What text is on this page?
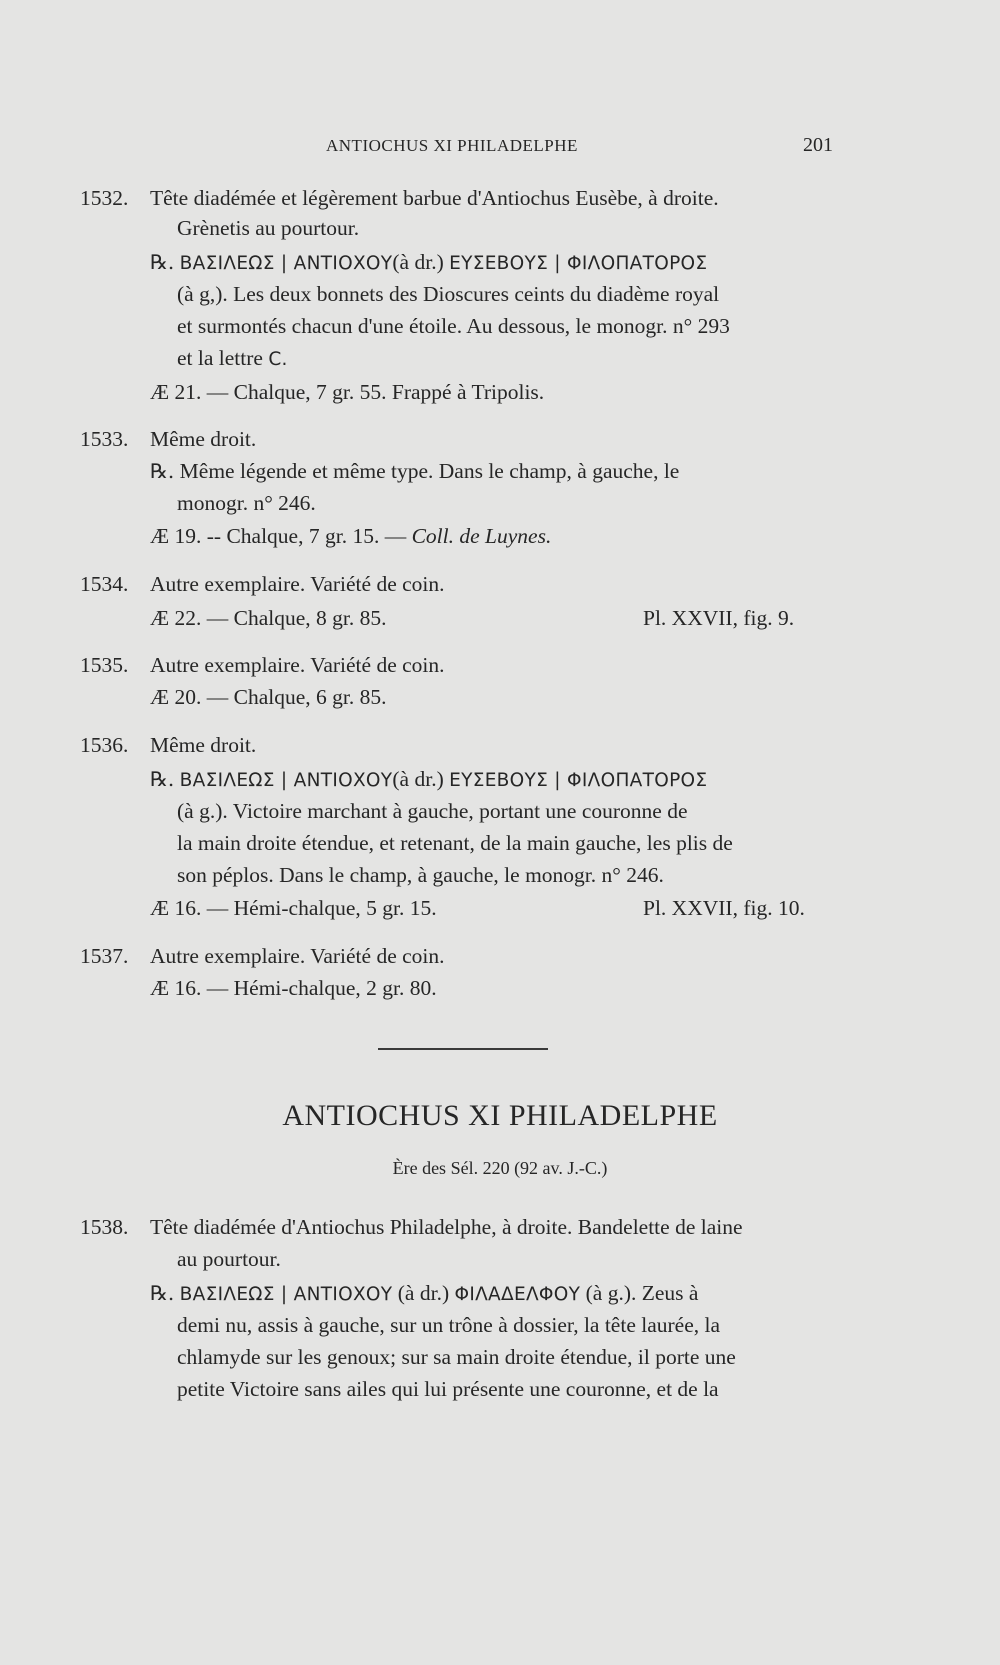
ANTIOCHUS XI PHILADELPHE	201
1532. Tête diadémée et légèrement barbue d'Antiochus Eusèbe, à droite.
Grènetis au pourtour.
℞. ΒΑΣΙΛΕΩΣ | ΑΝΤΙΟΧΟΥ(à dr.) ΕΥΣΕΒΟΥΣ | ΦΙΛΟΠΑΤΟΡΟΣ
(à g,). Les deux bonnets des Dioscures ceints du diadème royal
et surmontés chacun d'une étoile. Au dessous, le monogr. n° 293
et la lettre C.
Æ 21. — Chalque, 7 gr. 55. Frappé à Tripolis.
1533. Même droit.
℞. Même légende et même type. Dans le champ, à gauche, le
monogr. n° 246.
Æ 19. -- Chalque, 7 gr. 15. — Coll. de Luynes.
1534. Autre exemplaire. Variété de coin.
Æ 22. — Chalque, 8 gr. 85.	Pl. XXVII, fig. 9.
1535. Autre exemplaire. Variété de coin.
Æ 20. — Chalque, 6 gr. 85.
1536. Même droit.
℞. ΒΑΣΙΛΕΩΣ | ΑΝΤΙΟΧΟΥ(à dr.) ΕΥΣΕΒΟΥΣ | ΦΙΛΟΠΑΤΟΡΟΣ
(à g.). Victoire marchant à gauche, portant une couronne de
la main droite étendue, et retenant, de la main gauche, les plis de
son péplos. Dans le champ, à gauche, le monogr. n° 246.
Æ 16. — Hémi-chalque, 5 gr. 15.	Pl. XXVII, fig. 10.
1537. Autre exemplaire. Variété de coin.
Æ 16. — Hémi-chalque, 2 gr. 80.
ANTIOCHUS XI PHILADELPHE
Ère des Sél. 220 (92 av. J.-C.)
1538. Tête diadémée d'Antiochus Philadelphe, à droite. Bandelette de laine
au pourtour.
℞. ΒΑΣΙΛΕΩΣ | ΑΝΤΙΟΧΟΥ (à dr.) ΦΙΛΑΔΕΛΦΟΥ (à g.). Zeus à
demi nu, assis à gauche, sur un trône à dossier, la tête laurée, la
chlamyde sur les genoux; sur sa main droite étendue, il porte une
petite Victoire sans ailes qui lui présente une couronne, et de la
